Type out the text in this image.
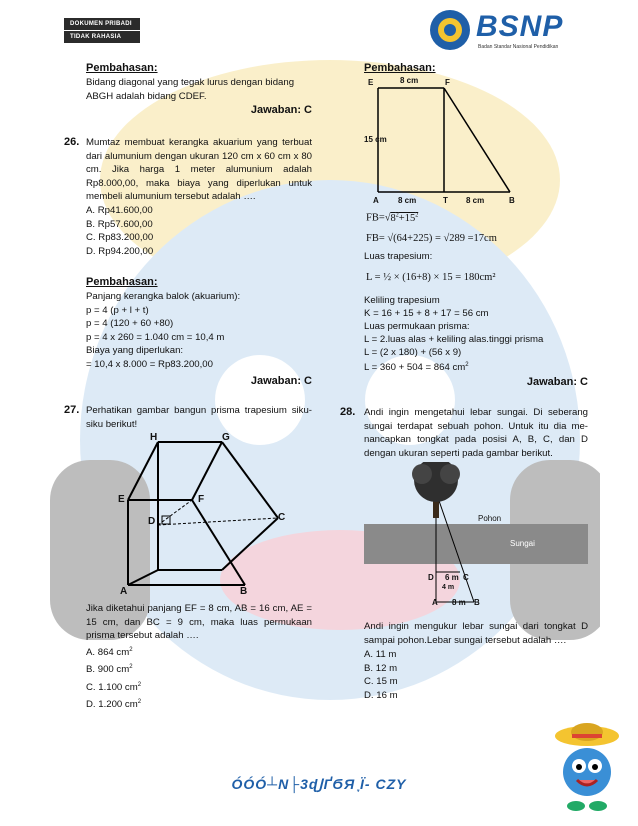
DOKUMEN PRIBADI
TIDAK RAHASIA	BSNP
Badan Standar Nasional Pendidikan
Pembahasan:
Bidang diagonal yang tegak lurus dengan bidang
ABGH adalah bidang CDEF.
Jawaban: C
26. Mumtaz membuat kerangka akuarium yang terbuat dari alumunium dengan ukuran 120 cm x 60 cm x 80 cm. Jika harga 1 meter alumunium adalah Rp8.000,00, maka biaya yang diperlukan untuk membeli alumunium tersebut adalah ….
A. Rp41.600,00
B. Rp57.600,00
C. Rp83.200,00
D. Rp94.200,00
Pembahasan:
Panjang kerangka balok (akuarium):
p = 4 (p + l + t)
p = 4 (120 + 60 +80)
p = 4 x 260 = 1.040 cm = 10,4 m
Biaya yang diperlukan:
= 10,4 x 8.000 = Rp83.200,00
Jawaban: C
27. Perhatikan gambar bangun prisma trapesium siku-siku berikut!
H	G
E	F
D	C
A	B
Jika diketahui panjang EF = 8 cm, AB = 16 cm, AE = 15 cm, dan BC = 9 cm, maka luas permukaan prisma tersebut adalah ….
A. 864 $cm^2$
B. 900 $cm^2$
C. 1.100 $cm^2$
D. 1.200 $cm^2$
Pembahasan:
E	F
8 cm
15 cm
A 8 cm	T 8 cm	B
$FB=√8^2+15^2$
FB= √(64+225) = √289 =17cm
Luas trapesium:
L = ½ × (16+8) × 15 = 180cm²
Keliling trapesium
K = 16 + 15 + 8 + 17 = 56 cm
Luas permukaan prisma:
L = 2.luas alas + keliling alas.tinggi prisma
L = (2 x 180) + (56 x 9)
L = 360 + 504 = 864 $cm^2$
Jawaban: C
28. Andi ingin mengetahui lebar sungai. Di seberang sungai terdapat sebuah pohon. Untuk itu dia me-nancapkan tongkat pada posisi A, B, C, dan D dengan ukuran seperti pada gambar berikut.
Pohon
Sungai
D 6 m C
4 m
A 8 m B
Andi ingin mengukur lebar sungai dari tongkat D sampai pohon.Lebar sungai tersebut adalah ….
A. 11 m
B. 12 m
C. 15 m
D. 16 m
ÓÓÓ┴N├3ɖͿҐϬЯ ̞Ϊ- ϹΖY
